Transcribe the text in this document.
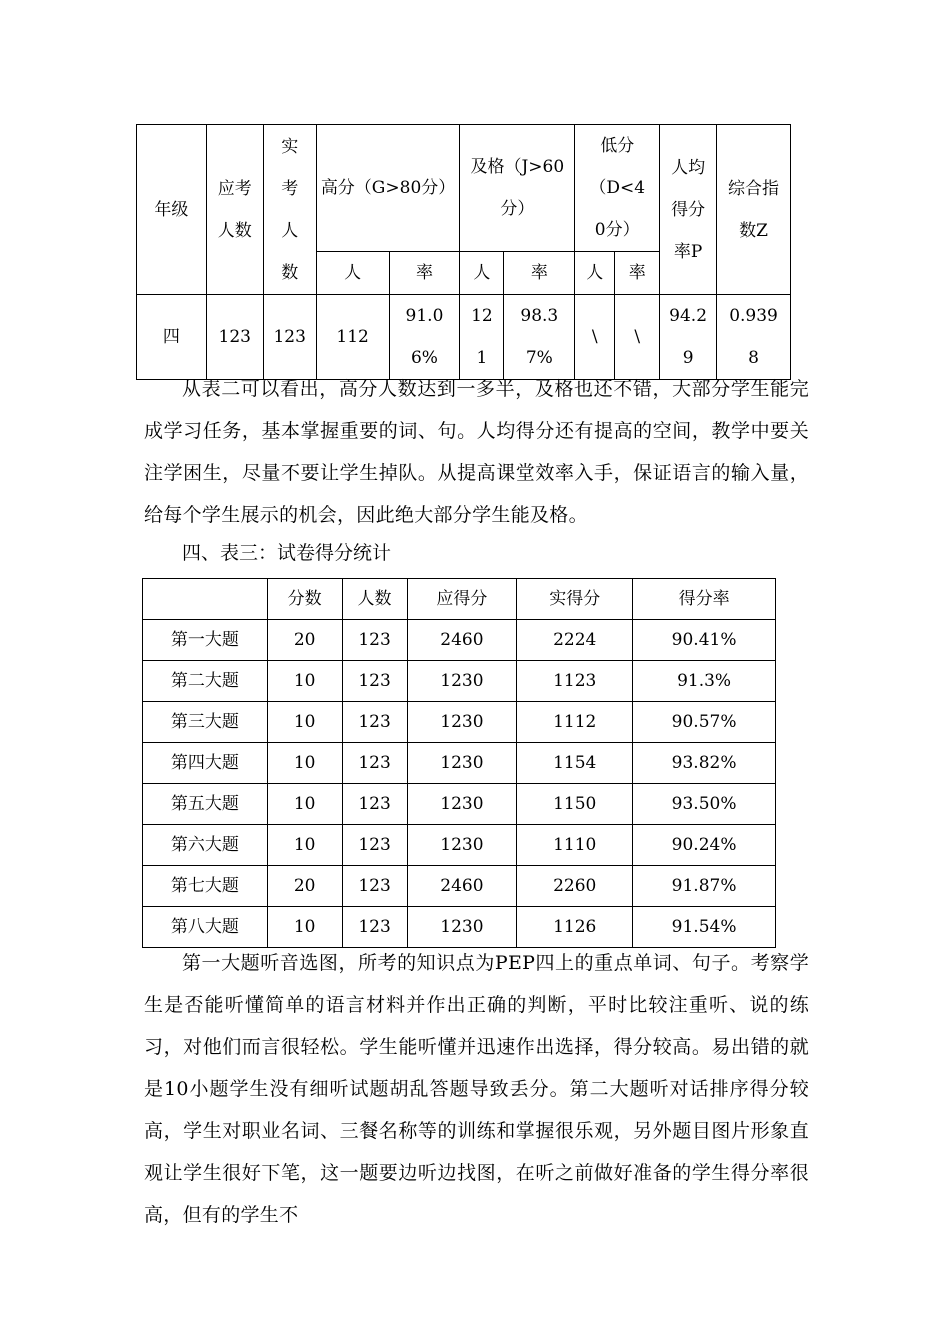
年级	应考人数	实考人数	高分（G>80分）		及格（J>60分）		低分（D<40分）		人均得分率P	综合指数Z

			人	率	人	率	人	率		
四	123	123	112	91.06%	121	98.37%	\	\	94.29	0.9398

从表二可以看出，高分人数达到一多半，及格也还不错，大部分学生能完成学习任务，基本掌握重要的词、句。人均得分还有提高的空间，教学中要关注学困生，尽量不要让学生掉队。从提高课堂效率入手，保证语言的输入量，给每个学生展示的机会，因此绝大部分学生能及格。

四、表三：试卷得分统计
	分数	人数	应得分	实得分	得分率
第一大题	20	123	2460	2224	90.41%
第二大题	10	123	1230	1123	91.3%
第三大题	10	123	1230	1112	90.57%
第四大题	10	123	1230	1154	93.82%
第五大题	10	123	1230	1150	93.50%
第六大题	10	123	1230	1110	90.24%
第七大题	20	123	2460	2260	91.87%
第八大题	10	123	1230	1126	91.54%

第一大题听音选图，所考的知识点为PEP四上的重点单词、句子。考察学生是否能听懂简单的语言材料并作出正确的判断，平时比较注重听、说的练习，对他们而言很轻松。学生能听懂并迅速作出选择，得分较高。易出错的就是10小题学生没有细听试题胡乱答题导致丢分。第二大题听对话排序得分较高，学生对职业名词、三餐名称等的训练和掌握很乐观，另外题目图片形象直观让学生很好下笔，这一题要边听边找图，在听之前做好准备的学生得分率很高，但有的学生不
